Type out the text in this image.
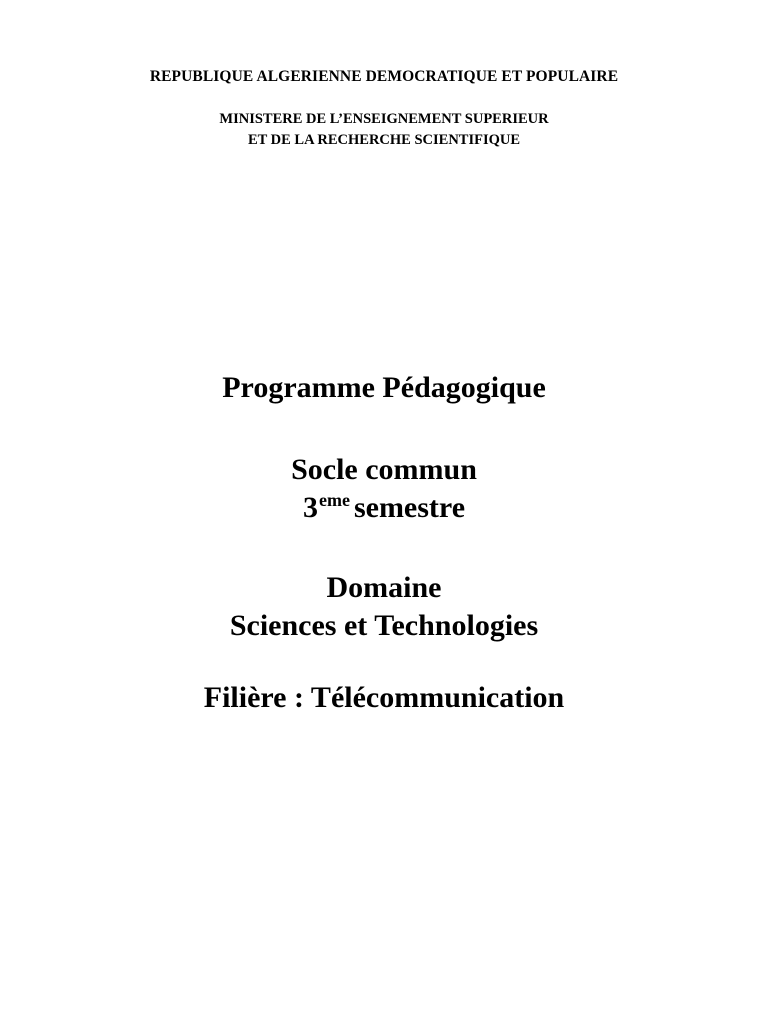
REPUBLIQUE ALGERIENNE DEMOCRATIQUE ET POPULAIRE
MINISTERE DE L’ENSEIGNEMENT SUPERIEUR
ET DE LA RECHERCHE SCIENTIFIQUE
Programme Pédagogique
Socle commun
3eme semestre
Domaine
Sciences et Technologies
Filière : Télécommunication
